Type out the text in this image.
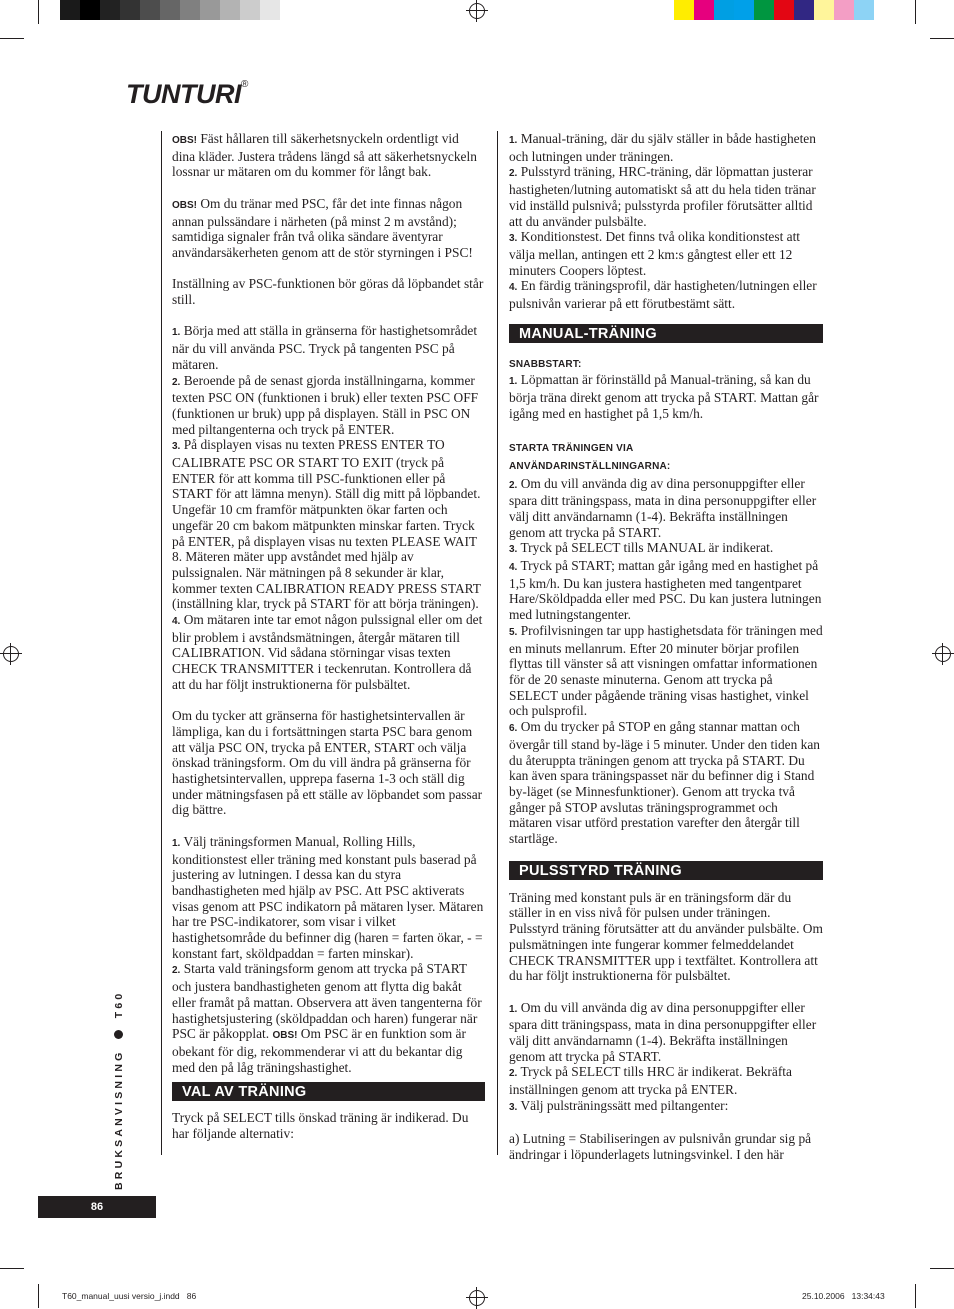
TUNTURI®
BRUKSANVISNING  T60
86
T60_manual_uusi versio_j.indd   86	25.10.2006   13:34:43

OBS! Fäst hållaren till säkerhetsnyckeln ordentligt vid dina kläder. Justera trådens längd så att säkerhetsnyckeln lossnar ur mätaren om du kommer för långt bak.

OBS! Om du tränar med PSC, får det inte finnas någon annan pulssändare i närheten (på minst 2 m avstånd); samtidiga signaler från två olika sändare äventyrar användarsäkerheten genom att de stör styrningen i PSC!

Inställning av PSC-funktionen bör göras då löpbandet står still.

1. Börja med att ställa in gränserna för hastighetsområdet när du vill använda PSC. Tryck på tangenten PSC på mätaren.

2. Beroende på de senast gjorda inställningarna, kommer texten PSC ON (funktionen i bruk) eller texten PSC OFF (funktionen ur bruk) upp på displayen. Ställ in PSC ON med piltangenterna och tryck på ENTER.

3. På displayen visas nu texten PRESS ENTER TO CALIBRATE PSC OR START TO EXIT (tryck på ENTER för att komma till PSC-funktionen eller på START för att lämna menyn). Ställ dig mitt på löpbandet. Ungefär 10 cm framför mätpunkten ökar farten och ungefär 20 cm bakom mätpunkten minskar farten. Tryck på ENTER, på displayen visas nu texten PLEASE WAIT 8. Mäteren mäter upp avståndet med hjälp av pulssignalen. När mätningen på 8 sekunder är klar, kommer texten CALIBRATION READY PRESS START (inställning klar, tryck på START för att börja träningen).

4. Om mätaren inte tar emot någon pulssignal eller om det blir problem i avståndsmätningen, återgår mätaren till CALIBRATION. Vid sådana störningar visas texten CHECK TRANSMITTER i teckenrutan. Kontrollera då att du har följt instruktionerna för pulsbältet.

Om du tycker att gränserna för hastighetsintervallen är lämpliga, kan du i fortsättningen starta PSC bara genom att välja PSC ON, trycka på ENTER, START och välja önskad träningsform. Om du vill ändra på gränserna för hastighetsintervallen, upprepa faserna 1-3 och ställ dig under mätningsfasen på ett ställe av löpbandet som passar dig bättre.

1. Välj träningsformen Manual, Rolling Hills, konditionstest eller träning med konstant puls baserad på justering av lutningen. I dessa kan du styra bandhastigheten med hjälp av PSC. Att PSC aktiverats visas genom att PSC indikatorn på mätaren lyser. Mätaren har tre PSC-indikatorer, som visar i vilket hastighetsområde du befinner dig (haren = farten ökar, - = konstant fart, sköldpaddan = farten minskar).

2. Starta vald träningsform genom att trycka på START och justera bandhastigheten genom att flytta dig bakåt eller framåt på mattan. Observera att även tangenterna för hastighetsjustering (sköldpaddan och haren) fungerar när PSC är påkopplat. OBS! Om PSC är en funktion som är obekant för dig, rekommenderar vi att du bekantar dig med den på låg träningshastighet.

VAL AV TRÄNING

Tryck på SELECT tills önskad träning är indikerad. Du har följande alternativ:

1. Manual-träning, där du själv ställer in både hastigheten och lutningen under träningen.

2. Pulsstyrd träning, HRC-träning, där löpmattan justerar hastigheten/lutning automatiskt så att du hela tiden tränar vid inställd pulsnivå; pulsstyrda profiler förutsätter alltid att du använder pulsbälte.

3. Konditionstest. Det finns två olika konditionstest att välja mellan, antingen ett 2 km:s gångtest eller ett 12 minuters Coopers löptest.

4. En färdig träningsprofil, där hastigheten/lutningen eller pulsnivån varierar på ett förutbestämt sätt.

MANUAL-TRÄNING

SNABBSTART:

1. Löpmattan är förinställd på Manual-träning, så kan du börja träna direkt genom att trycka på START. Mattan går igång med en hastighet på 1,5 km/h.

STARTA TRÄNINGEN VIA

ANVÄNDARINSTÄLLNINGARNA:

2. Om du vill använda dig av dina personuppgifter eller spara ditt träningspass, mata in dina personuppgifter eller välj ditt användarnamn (1-4). Bekräfta inställningen genom att trycka på START.

3. Tryck på SELECT tills MANUAL är indikerat.

4. Tryck på START; mattan går igång med en hastighet på 1,5 km/h. Du kan justera hastigheten med tangentparet Hare/Sköldpadda eller med PSC. Du kan justera lutningen med lutningstangenter.

5. Profilvisningen tar upp hastighetsdata för träningen med en minuts mellanrum. Efter 20 minuter börjar profilen flyttas till vänster så att visningen omfattar informationen för de 20 senaste minuterna. Genom att trycka på SELECT under pågående träning visas hastighet, vinkel och pulsprofil.

6. Om du trycker på STOP en gång stannar mattan och övergår till stand by-läge i 5 minuter. Under den tiden kan du återuppta träningen genom att trycka på START. Du kan även spara träningspasset när du befinner dig i Stand by-läget (se Minnesfunktioner). Genom att trycka två gånger på STOP avslutas träningsprogrammet och mätaren visar utförd prestation varefter den återgår till startläge.

PULSSTYRD TRÄNING

Träning med konstant puls är en träningsform där du ställer in en viss nivå för pulsen under träningen. Pulsstyrd träning förutsätter att du använder pulsbälte. Om pulsmätningen inte fungerar kommer felmeddelandet CHECK TRANSMITTER upp i textfältet. Kontrollera att du har följt instruktionerna för pulsbältet.

1. Om du vill använda dig av dina personuppgifter eller spara ditt träningspass, mata in dina personuppgifter eller välj ditt användarnamn (1-4). Bekräfta inställningen genom att trycka på START.

2. Tryck på SELECT tills HRC är indikerat. Bekräfta inställningen genom att trycka på ENTER.

3. Välj pulsträningssätt med piltangenter:

a) Lutning = Stabiliseringen av pulsnivån grundar sig på ändringar i löpunderlagets lutningsvinkel. I den här
